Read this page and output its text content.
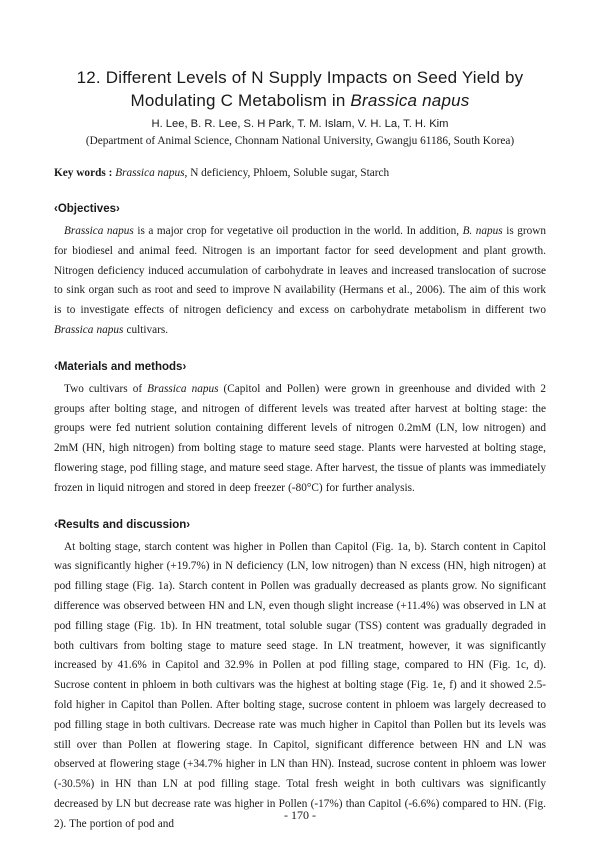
12. Different Levels of N Supply Impacts on Seed Yield by
Modulating C Metabolism in Brassica napus

H. Lee, B. R. Lee, S. H Park, T. M. Islam, V. H. La, T. H. Kim

(Department of Animal Science, Chonnam National University, Gwangju 61186, South Korea)

Key words : Brassica napus, N deficiency, Phloem, Soluble sugar, Starch

‹Objectives›

Brassica napus is a major crop for vegetative oil production in the world. In addition, B. napus is grown for biodiesel and animal feed. Nitrogen is an important factor for seed development and plant growth. Nitrogen deficiency induced accumulation of carbohydrate in leaves and increased translocation of sucrose to sink organ such as root and seed to improve N availability (Hermans et al., 2006). The aim of this work is to investigate effects of nitrogen deficiency and excess on carbohydrate metabolism in different two Brassica napus cultivars.

‹Materials and methods›

Two cultivars of Brassica napus (Capitol and Pollen) were grown in greenhouse and divided with 2 groups after bolting stage, and nitrogen of different levels was treated after harvest at bolting stage: the groups were fed nutrient solution containing different levels of nitrogen 0.2mM (LN, low nitrogen) and 2mM (HN, high nitrogen) from bolting stage to mature seed stage. Plants were harvested at bolting stage, flowering stage, pod filling stage, and mature seed stage. After harvest, the tissue of plants was immediately frozen in liquid nitrogen and stored in deep freezer (-80°C) for further analysis.

‹Results and discussion›

At bolting stage, starch content was higher in Pollen than Capitol (Fig. 1a, b). Starch content in Capitol was significantly higher (+19.7%) in N deficiency (LN, low nitrogen) than N excess (HN, high nitrogen) at pod filling stage (Fig. 1a). Starch content in Pollen was gradually decreased as plants grow. No significant difference was observed between HN and LN, even though slight increase (+11.4%) was observed in LN at pod filling stage (Fig. 1b). In HN treatment, total soluble sugar (TSS) content was gradually degraded in both cultivars from bolting stage to mature seed stage. In LN treatment, however, it was significantly increased by 41.6% in Capitol and 32.9% in Pollen at pod filling stage, compared to HN (Fig. 1c, d). Sucrose content in phloem in both cultivars was the highest at bolting stage (Fig. 1e, f) and it showed 2.5-fold higher in Capitol than Pollen. After bolting stage, sucrose content in phloem was largely decreased to pod filling stage in both cultivars. Decrease rate was much higher in Capitol than Pollen but its levels was still over than Pollen at flowering stage. In Capitol, significant difference between HN and LN was observed at flowering stage (+34.7% higher in LN than HN). Instead, sucrose content in phloem was lower (-30.5%) in HN than LN at pod filling stage. Total fresh weight in both cultivars was significantly decreased by LN but decrease rate was higher in Pollen (-17%) than Capitol (-6.6%) compared to HN. (Fig. 2). The portion of pod and

- 170 -
